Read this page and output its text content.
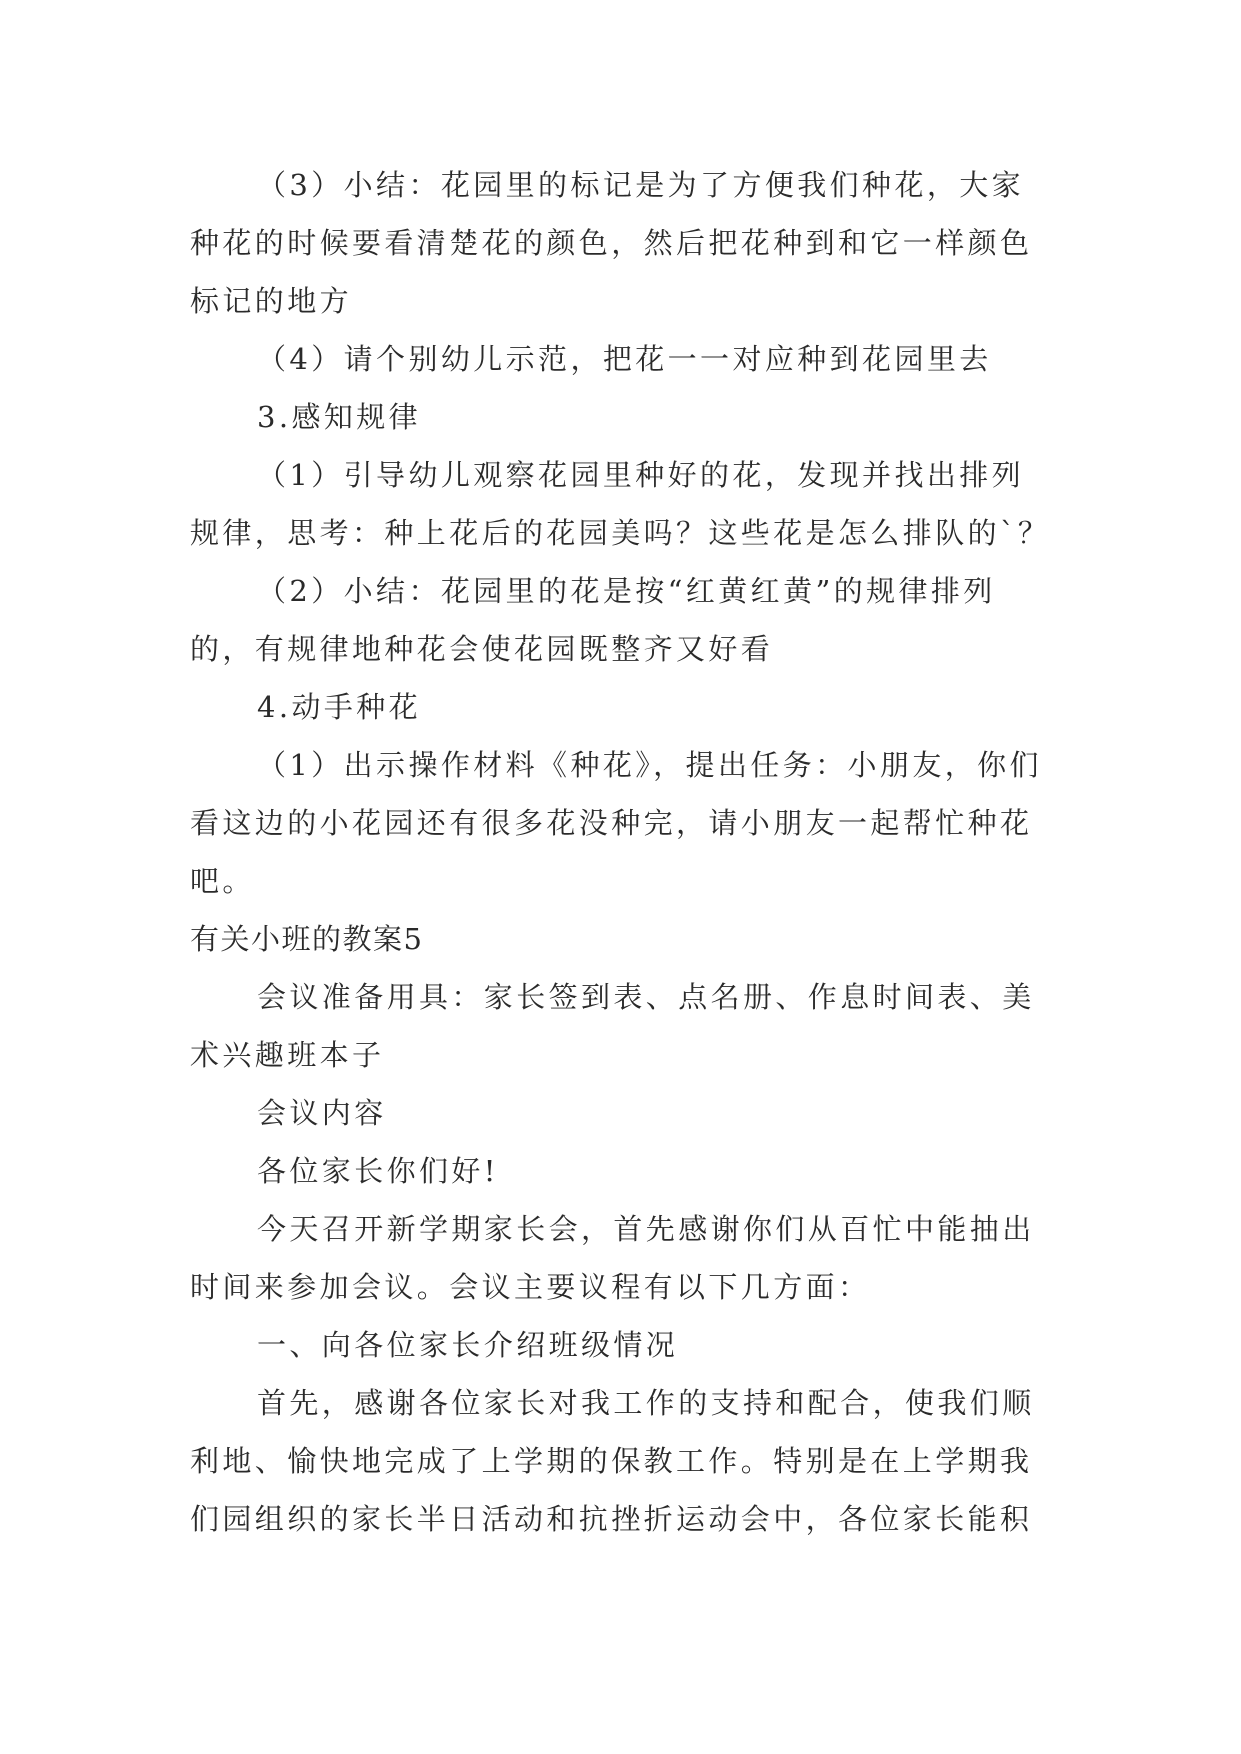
（3）小结：花园里的标记是为了方便我们种花，大家
种花的时候要看清楚花的颜色，然后把花种到和它一样颜色
标记的地方
（4）请个别幼儿示范，把花一一对应种到花园里去
3.感知规律
（1）引导幼儿观察花园里种好的花，发现并找出排列
规律，思考：种上花后的花园美吗？这些花是怎么排队的`？
（2）小结：花园里的花是按“红黄红黄”的规律排列
的，有规律地种花会使花园既整齐又好看
4.动手种花
（1）出示操作材料《种花》，提出任务：小朋友，你们
看这边的小花园还有很多花没种完，请小朋友一起帮忙种花
吧。
有关小班的教案5
会议准备用具：家长签到表、点名册、作息时间表、美
术兴趣班本子
会议内容
各位家长你们好!
今天召开新学期家长会，首先感谢你们从百忙中能抽出
时间来参加会议。会议主要议程有以下几方面：
一、向各位家长介绍班级情况
首先，感谢各位家长对我工作的支持和配合，使我们顺
利地、愉快地完成了上学期的保教工作。特别是在上学期我
们园组织的家长半日活动和抗挫折运动会中，各位家长能积
